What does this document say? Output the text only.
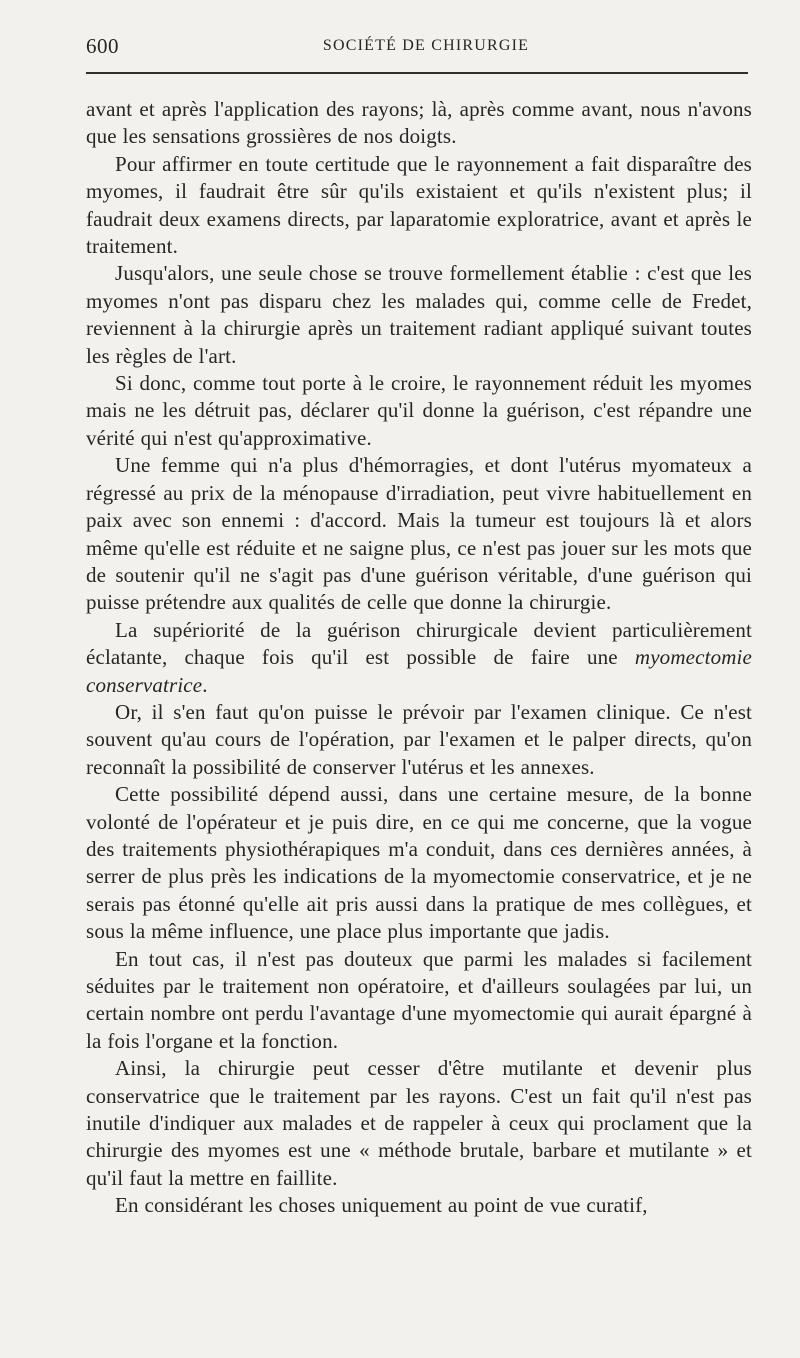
600	SOCIÉTÉ DE CHIRURGIE

avant et après l'application des rayons; là, après comme avant, nous n'avons que les sensations grossières de nos doigts.

Pour affirmer en toute certitude que le rayonnement a fait disparaître des myomes, il faudrait être sûr qu'ils existaient et qu'ils n'existent plus; il faudrait deux examens directs, par laparatomie exploratrice, avant et après le traitement.

Jusqu'alors, une seule chose se trouve formellement établie : c'est que les myomes n'ont pas disparu chez les malades qui, comme celle de Fredet, reviennent à la chirurgie après un traitement radiant appliqué suivant toutes les règles de l'art.

Si donc, comme tout porte à le croire, le rayonnement réduit les myomes mais ne les détruit pas, déclarer qu'il donne la guérison, c'est répandre une vérité qui n'est qu'approximative.

Une femme qui n'a plus d'hémorragies, et dont l'utérus myomateux a régressé au prix de la ménopause d'irradiation, peut vivre habituellement en paix avec son ennemi : d'accord. Mais la tumeur est toujours là et alors même qu'elle est réduite et ne saigne plus, ce n'est pas jouer sur les mots que de soutenir qu'il ne s'agit pas d'une guérison véritable, d'une guérison qui puisse prétendre aux qualités de celle que donne la chirurgie.

La supériorité de la guérison chirurgicale devient particulièrement éclatante, chaque fois qu'il est possible de faire une myomectomie conservatrice.

Or, il s'en faut qu'on puisse le prévoir par l'examen clinique. Ce n'est souvent qu'au cours de l'opération, par l'examen et le palper directs, qu'on reconnaît la possibilité de conserver l'utérus et les annexes.

Cette possibilité dépend aussi, dans une certaine mesure, de la bonne volonté de l'opérateur et je puis dire, en ce qui me concerne, que la vogue des traitements physiothérapiques m'a conduit, dans ces dernières années, à serrer de plus près les indications de la myomectomie conservatrice, et je ne serais pas étonné qu'elle ait pris aussi dans la pratique de mes collègues, et sous la même influence, une place plus importante que jadis.

En tout cas, il n'est pas douteux que parmi les malades si facilement séduites par le traitement non opératoire, et d'ailleurs soulagées par lui, un certain nombre ont perdu l'avantage d'une myomectomie qui aurait épargné à la fois l'organe et la fonction.

Ainsi, la chirurgie peut cesser d'être mutilante et devenir plus conservatrice que le traitement par les rayons. C'est un fait qu'il n'est pas inutile d'indiquer aux malades et de rappeler à ceux qui proclament que la chirurgie des myomes est une « méthode brutale, barbare et mutilante » et qu'il faut la mettre en faillite.

En considérant les choses uniquement au point de vue curatif,
